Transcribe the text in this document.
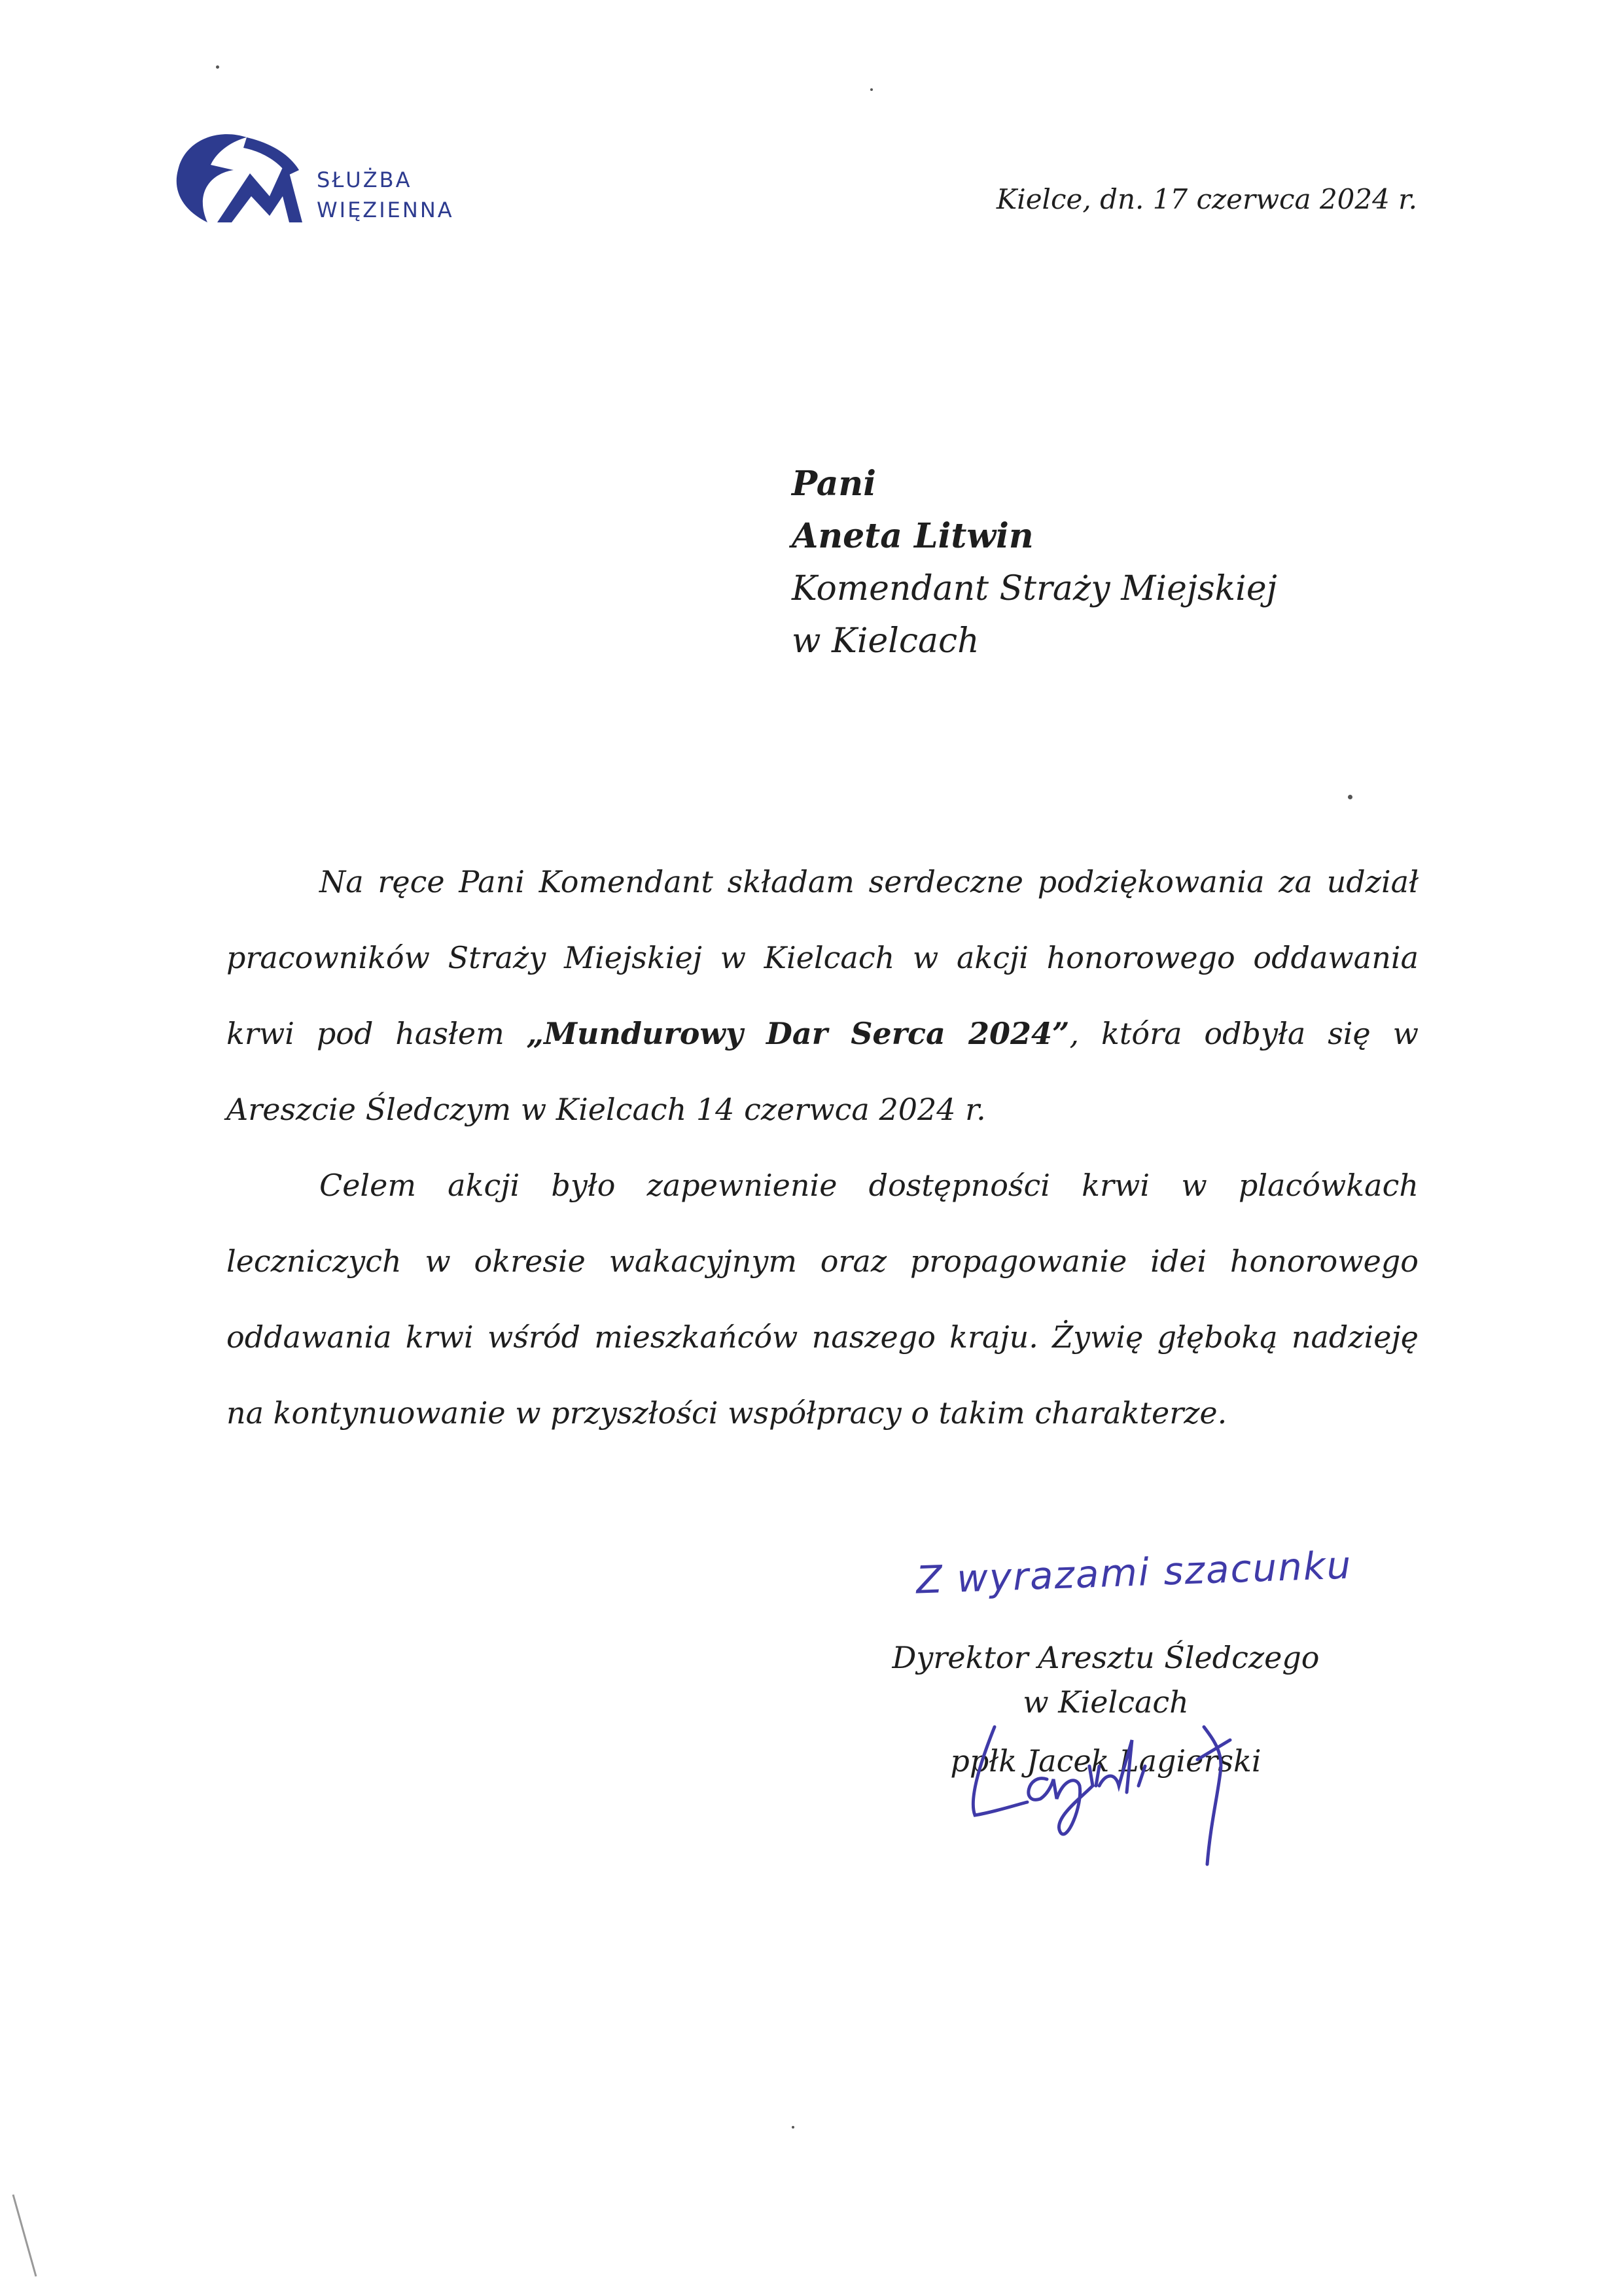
SŁUŻBA
WIĘZIENNA	Kielce, dn. 17 czerwca 2024 r.
Pani
Aneta Litwin
Komendant Straży Miejskiej
w Kielcach

Na ręce Pani Komendant składam serdeczne podziękowania za udział pracowników Straży Miejskiej w Kielcach w akcji honorowego oddawania krwi pod hasłem „Mundurowy Dar Serca 2024”, która odbyła się w Areszcie Śledczym w Kielcach 14 czerwca 2024 r.

Celem akcji było zapewnienie dostępności krwi w placówkach leczniczych w okresie wakacyjnym oraz propagowanie idei honorowego oddawania krwi wśród mieszkańców naszego kraju. Żywię głęboką nadzieję na kontynuowanie w przyszłości współpracy o takim charakterze.

Z wyrazami szacunku
Dyrektor Aresztu Śledczego
w Kielcach
ppłk Jacek Lagierski
